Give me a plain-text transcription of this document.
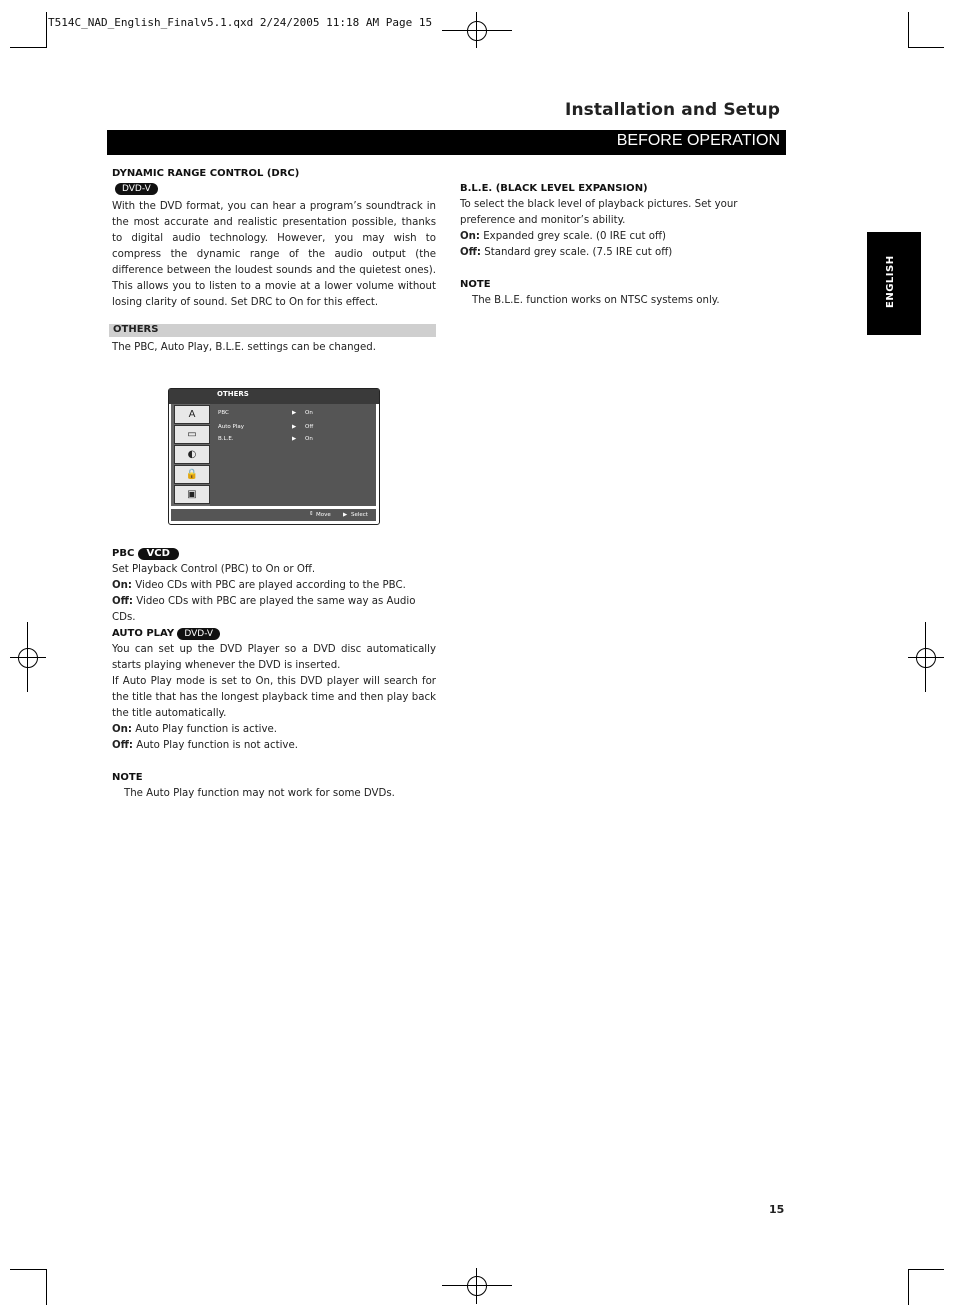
T514C_NAD_English_Finalv5.1.qxd 2/24/2005 11:18 AM Page 15
Installation and Setup
BEFORE OPERATION
ENGLISH
DYNAMIC RANGE CONTROL (DRC)
DVD-V
With the DVD format, you can hear a program’s soundtrack in the most accurate and realistic presentation possible, thanks to digital audio technology. However, you may wish to compress the dynamic range of the audio output (the difference between the loudest sounds and the quietest ones). This allows you to listen to a movie at a lower volume without losing clarity of sound. Set DRC to On for this effect.
OTHERS
The PBC, Auto Play, B.L.E. settings can be changed.
OTHERS
A
▭
◐
🔒
▣
PBC	▶ On
Auto Play	▶ Off
B.L.E.	▶ On
⇕ Move ▶ Select
PBC VCD
Set Playback Control (PBC) to On or Off.
On: Video CDs with PBC are played according to the PBC.
Off: Video CDs with PBC are played the same way as Audio CDs.
AUTO PLAY DVD-V
You can set up the DVD Player so a DVD disc automatically starts playing whenever the DVD is inserted.
If Auto Play mode is set to On, this DVD player will search for the title that has the longest playback time and then play back the title automatically.
On: Auto Play function is active.
Off: Auto Play function is not active.
NOTE
The Auto Play function may not work for some DVDs.
B.L.E. (BLACK LEVEL EXPANSION)
To select the black level of playback pictures. Set your preference and monitor’s ability.
On: Expanded grey scale. (0 IRE cut off)
Off: Standard grey scale. (7.5 IRE cut off)
NOTE
The B.L.E. function works on NTSC systems only.
15
